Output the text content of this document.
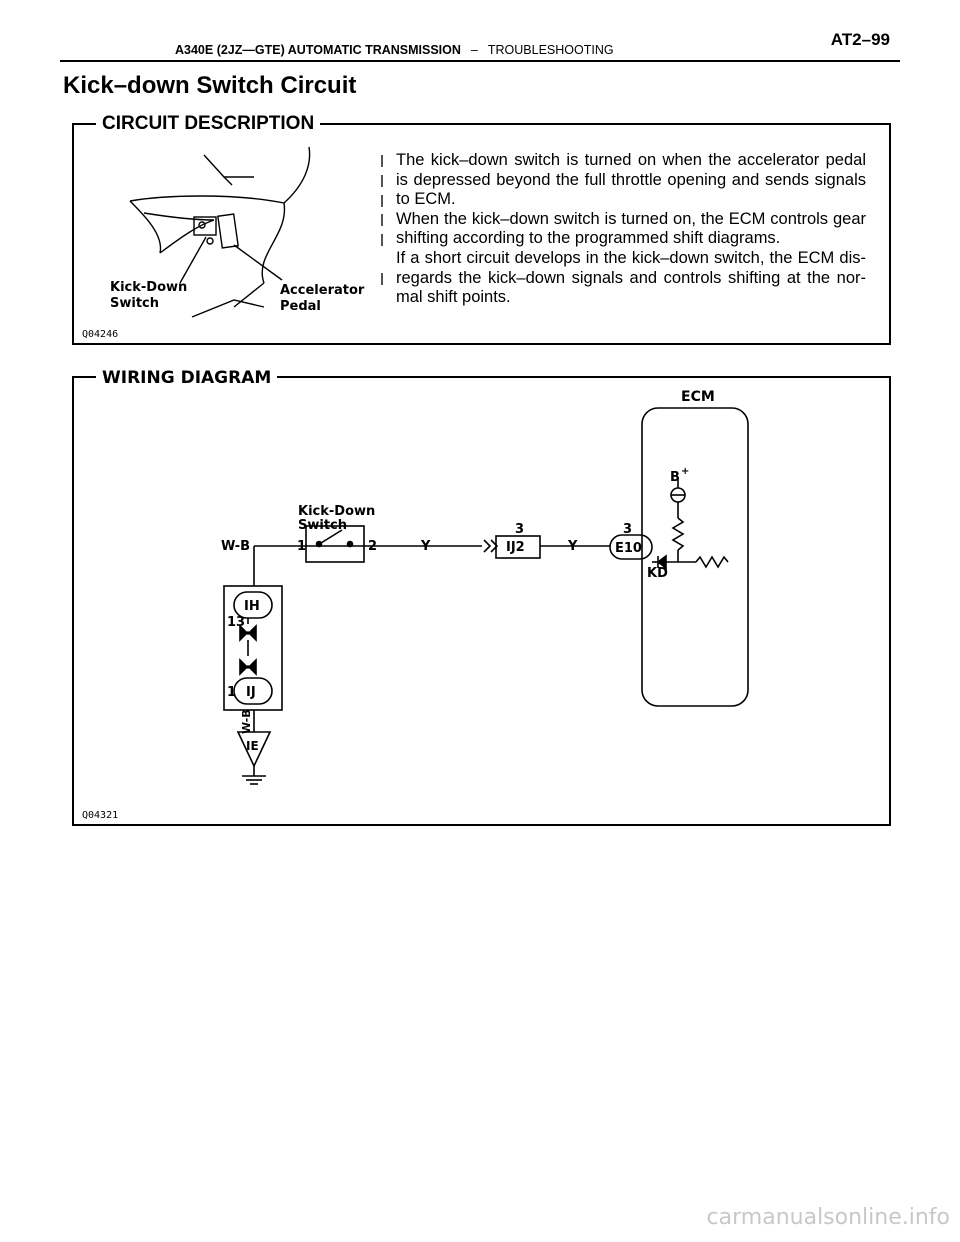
A340E (2JZ—GTE) AUTOMATIC TRANSMISSION – TROUBLESHOOTING
AT2–99
Kick–down Switch Circuit
CIRCUIT DESCRIPTION
Kick-Down
Switch
Accelerator
Pedal
Q04246

The kick–down switch is turned on when the accelerator pedal is depressed beyond the full throttle opening and sends signals to ECM.

When the kick–down switch is turned on, the ECM controls gear shifting according to the programmed shift diagrams.

If a short circuit develops in the kick–down switch, the ECM dis- regards the kick–down signals and controls shifting at the nor- mal shift points.

WIRING DIAGRAM
ECM
B +
Kick-Down
Switch
W-B	1	2	Y	Y
IJ2
3
E10
3
KD
IH
13
IJ
1
W-B
IE
Q04321
carmanualsonline.info
